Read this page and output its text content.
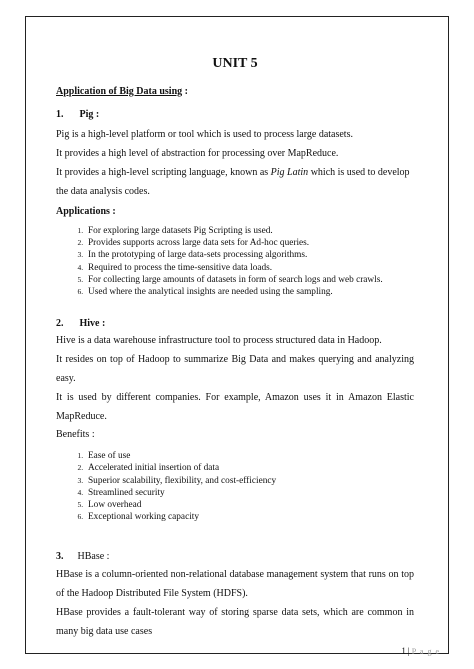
UNIT 5

Application of Big Data using :

1. Pig :

Pig is a high-level platform or tool which is used to process large datasets.

It provides a high level of abstraction for processing over MapReduce.

It provides a high-level scripting language, known as Pig Latin which is used to develop the data analysis codes.

Applications :

1. For exploring large datasets Pig Scripting is used.
2. Provides supports across large data sets for Ad-hoc queries.
3. In the prototyping of large data-sets processing algorithms.
4. Required to process the time-sensitive data loads.
5. For collecting large amounts of datasets in form of search logs and web crawls.
6. Used where the analytical insights are needed using the sampling.

2. Hive :

Hive is a data warehouse infrastructure tool to process structured data in Hadoop.

It resides on top of Hadoop to summarize Big Data and makes querying and analyzing easy.

It is used by different companies. For example, Amazon uses it in Amazon Elastic MapReduce.

Benefits :

1. Ease of use
2. Accelerated initial insertion of data
3. Superior scalability, flexibility, and cost-efficiency
4. Streamlined security
5. Low overhead
6. Exceptional working capacity

3. HBase :

HBase is a column-oriented non-relational database management system that runs on top of the Hadoop Distributed File System (HDFS).

HBase provides a fault-tolerant way of storing sparse data sets, which are common in many big data use cases

1 | P a g e
